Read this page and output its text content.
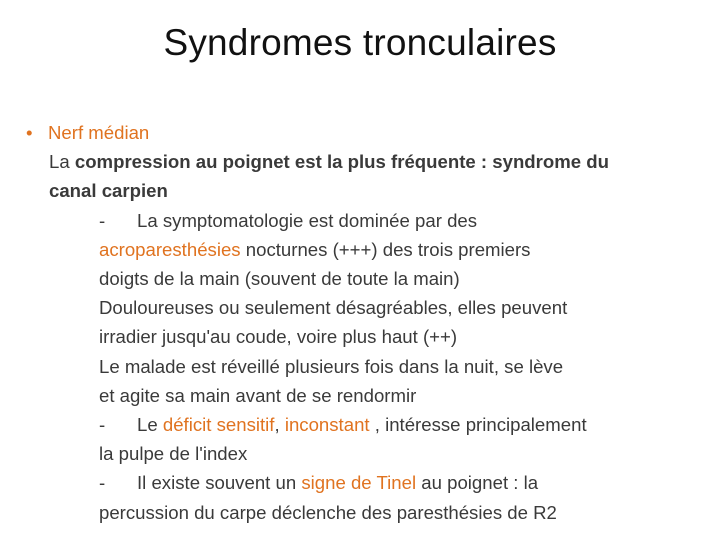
Syndromes tronculaires
• Nerf médian
La compression au poignet est la plus fréquente : syndrome du
canal carpien
- La symptomatologie est dominée par des
acroparesthésies nocturnes (+++) des trois premiers
doigts de la main (souvent de toute la main)
Douloureuses ou seulement désagréables, elles peuvent
irradier jusqu'au coude, voire plus haut (++)
Le malade est réveillé plusieurs fois dans la nuit, se lève
et agite sa main avant de se rendormir
- Le déficit sensitif, inconstant , intéresse principalement
la pulpe de l'index
- Il existe souvent un signe de Tinel au poignet : la
percussion du carpe déclenche des paresthésies de R2
